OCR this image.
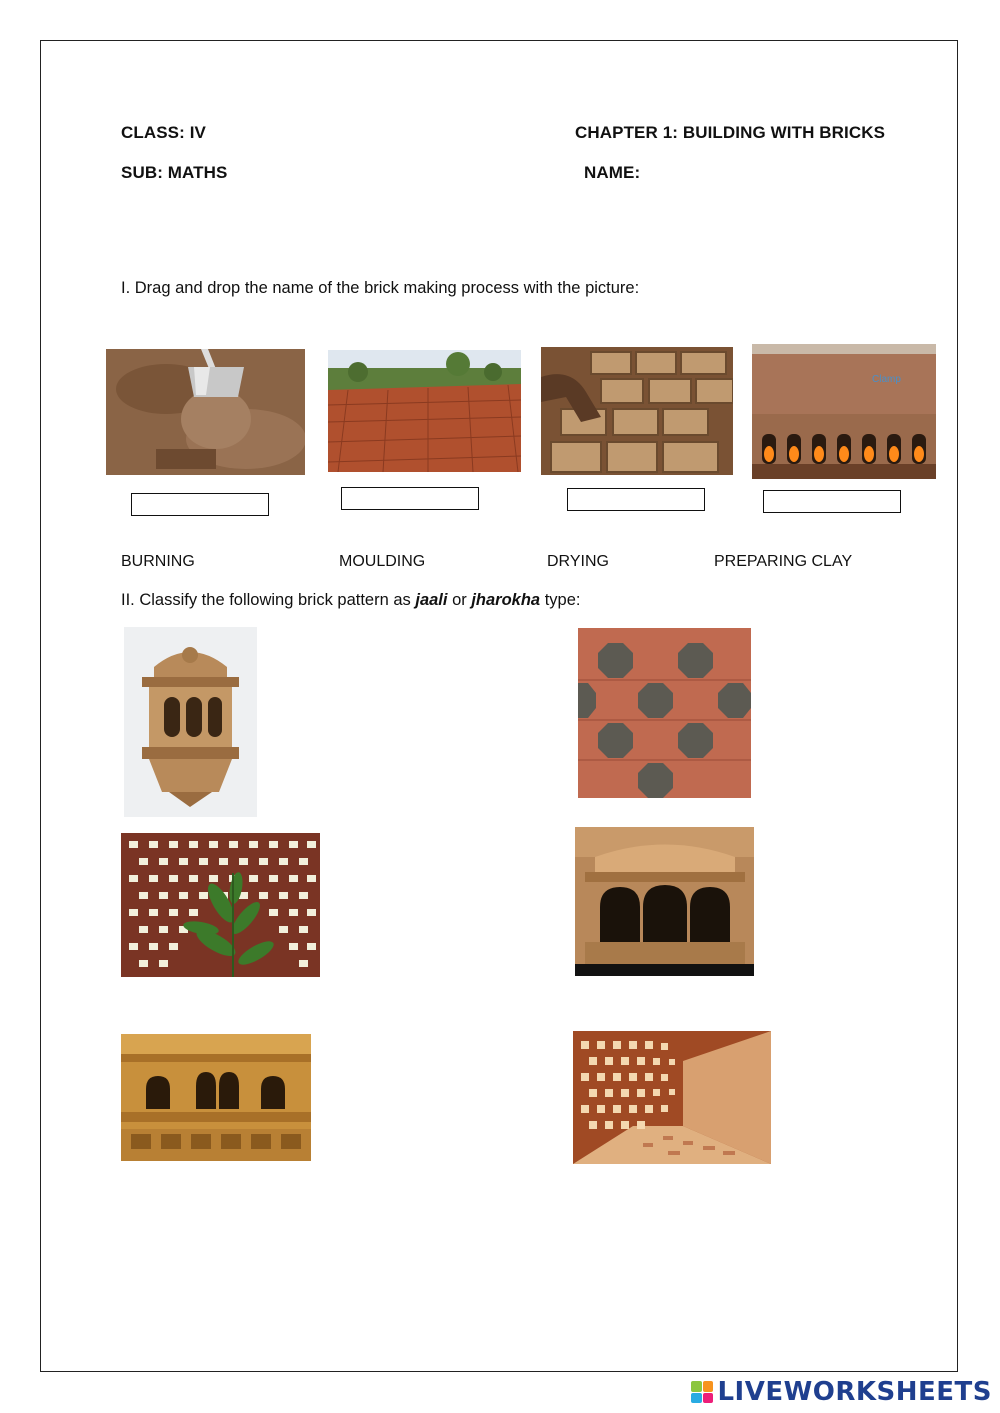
CLASS: IV	CHAPTER 1: BUILDING WITH BRICKS
SUB: MATHS	NAME:
I. Drag and drop the name of the brick making process with the picture:
Clamp
BURNING	MOULDING	DRYING	PREPARING CLAY
II. Classify the following brick pattern as jaali or jharokha type:
LIVEWORKSHEETS
